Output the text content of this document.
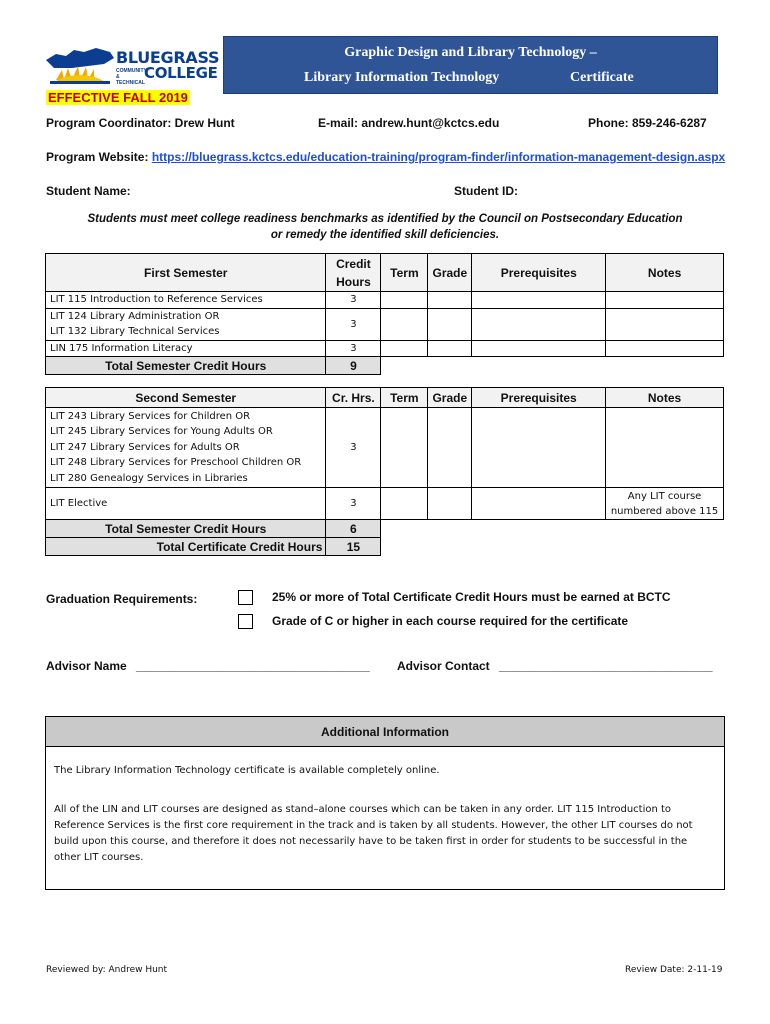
BLUEGRASS
COMMUNITY & TECHNICAL
COLLEGE
Graphic Design and Library Technology –
Library Information Technology	Certificate
EFFECTIVE FALL 2019
Program Coordinator: Drew Hunt	E-mail: andrew.hunt@kctcs.edu	Phone: 859-246-6287
Program Website: https://bluegrass.kctcs.edu/education-training/program-finder/information-management-design.aspx
Student Name:	Student ID:
Students must meet college readiness benchmarks as identified by the Council on Postsecondary Education
or remedy the identified skill deficiencies.
First Semester	Credit
Hours	Term	Grade	Prerequisites	Notes
LIT 115 Introduction to Reference Services	3				

LIT 124 Library Administration OR
LIT 132 Library Technical Services	3				
LIN 175 Information Literacy	3				
Total Semester Credit Hours	9				
Second Semester	Cr. Hrs.	Term	Grade	Prerequisites	Notes

LIT 243 Library Services for Children OR
LIT 245 Library Services for Young Adults OR
LIT 247 Library Services for Adults OR
LIT 248 Library Services for Preschool Children OR
LIT 280 Genealogy Services in Libraries	3				
LIT Elective	3				Any LIT course
numbered above 115

Total Semester Credit Hours	6				
Total Certificate Credit Hours	15				
Graduation Requirements:	25% or more of Total Certificate Credit Hours must be earned at BCTC
Grade of C or higher in each course required for the certificate
Advisor Name ___________________________________ Advisor Contact ________________________________
Additional Information
The Library Information Technology certificate is available completely online.
All of the LIN and LIT courses are designed as stand–alone courses which can be taken in any order. LIT 115 Introduction to Reference Services is the first core requirement in the track and is taken by all students. However, the other LIT courses do not build upon this course, and therefore it does not necessarily have to be taken first in order for students to be successful in the other LIT courses.
Reviewed by: Andrew Hunt	Review Date: 2-11-19
